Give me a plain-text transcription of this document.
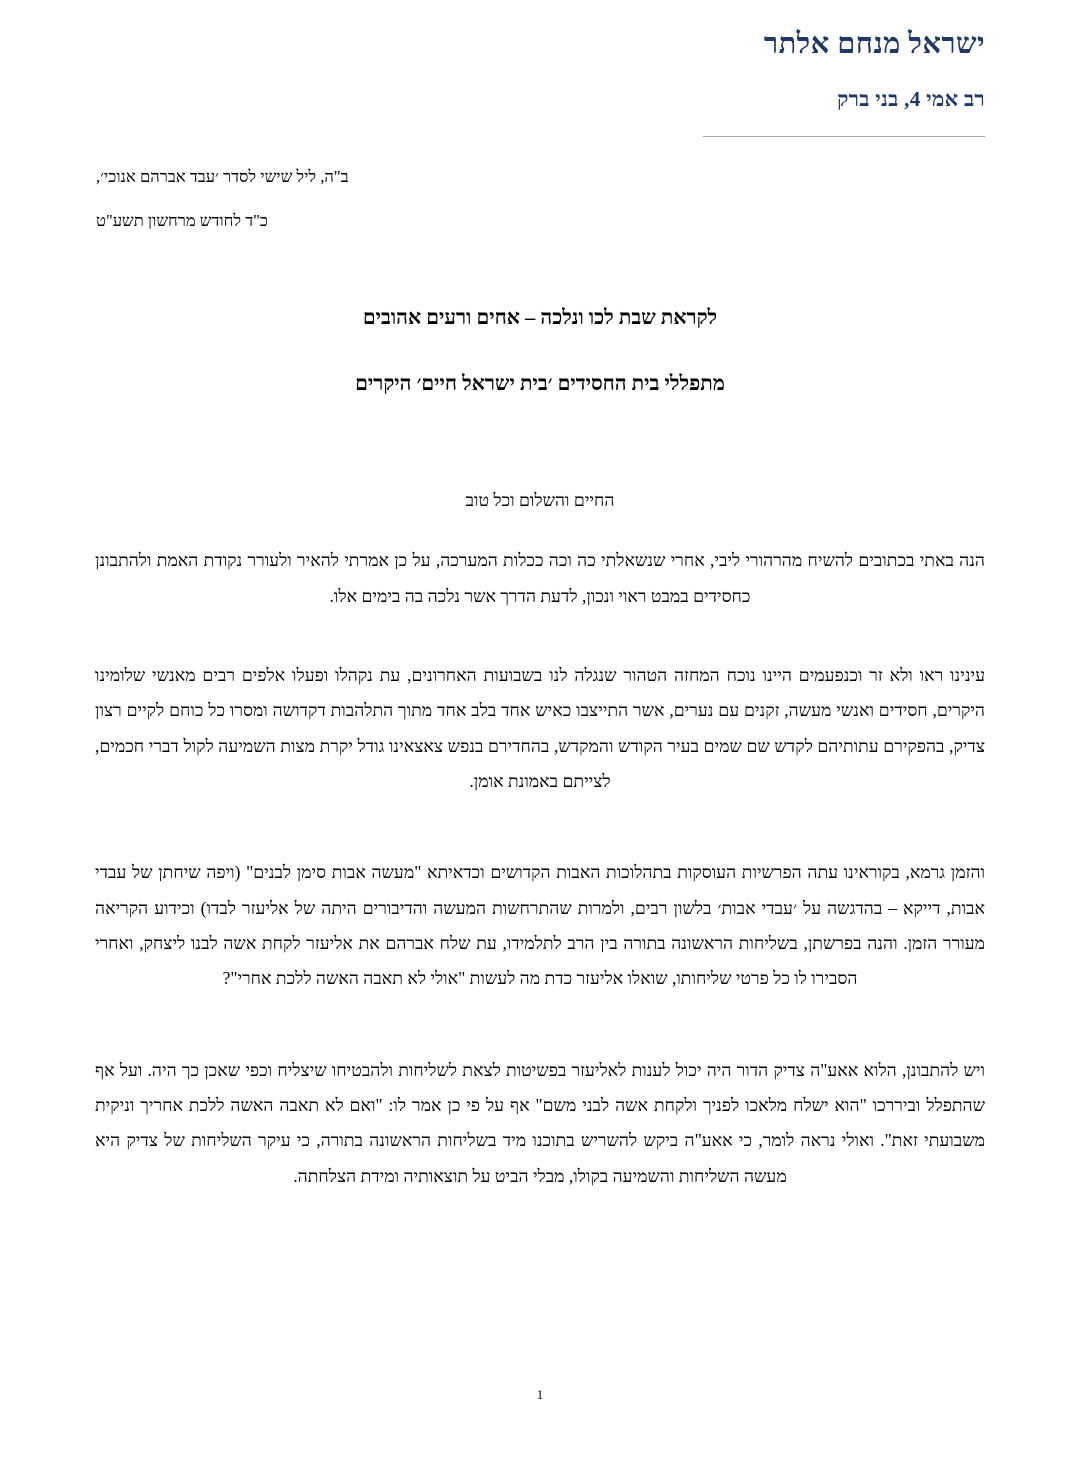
ישראל מנחם אלתר
רב אמי 4, בני ברק
ב"ה, ליל שישי לסדר ׳עבד אברהם אנוכי׳,
כ"ד לחודש מרחשון תשע"ט
לקראת שבת לכו ונלכה – אחים ורעים אהובים
מתפללי בית החסידים ׳בית ישראל חיים׳ היקרים
החיים והשלום וכל טוב

הנה באתי בכתובים להשיח מהרהורי ליבי, אחרי שנשאלתי כה וכה ככלות המערכה, על כן אמרתי להאיר ולעורר נקודת האמת ולהתבונן כחסידים במבט ראוי ונכון, לדעת הדרך אשר נלכה בה בימים אלו.

עינינו ראו ולא זר וכנפעמים היינו נוכח המחזה הטהור שנגלה לנו בשבועות האחרונים, עת נקהלו ופעלו אלפים רבים מאנשי שלומינו היקרים, חסידים ואנשי מעשה, זקנים עם נערים, אשר התייצבו כאיש אחד בלב אחד מתוך התלהבות דקדושה ומסרו כל כוחם לקיים רצון צדיק, בהפקירם עתותיהם לקדש שם שמים בעיר הקודש והמקדש, בהחדירם בנפש צאצאינו גודל יקרת מצות השמיעה לקול דברי חכמים, לצייתם באמונת אומן.

והזמן גרמא, בקוראינו עתה הפרשיות העוסקות בתהלוכות האבות הקדושים וכדאיתא "מעשה אבות סימן לבנים" (ויפה שיחתן של עבדי אבות, דייקא – בהדגשה על ׳עבדי אבות׳ בלשון רבים, ולמרות שהתרחשות המעשה והדיבורים היתה של אליעזר לבדו) וכידוע הקריאה מעורר הזמן. והנה בפרשתן, בשליחות הראשונה בתורה בין הרב לתלמידו, עת שלח אברהם את אליעזר לקחת אשה לבנו ליצחק, ואחרי הסבירו לו כל פרטי שליחותו, שואלו אליעזר כדת מה לעשות "אולי לא תאבה האשה ללכת אחרי"?

ויש להתבונן, הלוא אאע"ה צדיק הדור היה יכול לענות לאליעזר בפשיטות לצאת לשליחות ולהבטיחו שיצליח וכפי שאכן כך היה. ועל אף שהתפלל וביררכו "הוא ישלח מלאכו לפניך ולקחת אשה לבני משם" אף על פי כן אמר לו: "ואם לא תאבה האשה ללכת אחריך וניקית משבועתי זאת". ואולי נראה לומר, כי אאע"ה ביקש להשריש בתוכנו מיד בשליחות הראשונה בתורה, כי עיקר השליחות של צדיק היא מעשה השליחות והשמיעה בקולו, מבלי הביט על תוצאותיה ומידת הצלחתה.

1
